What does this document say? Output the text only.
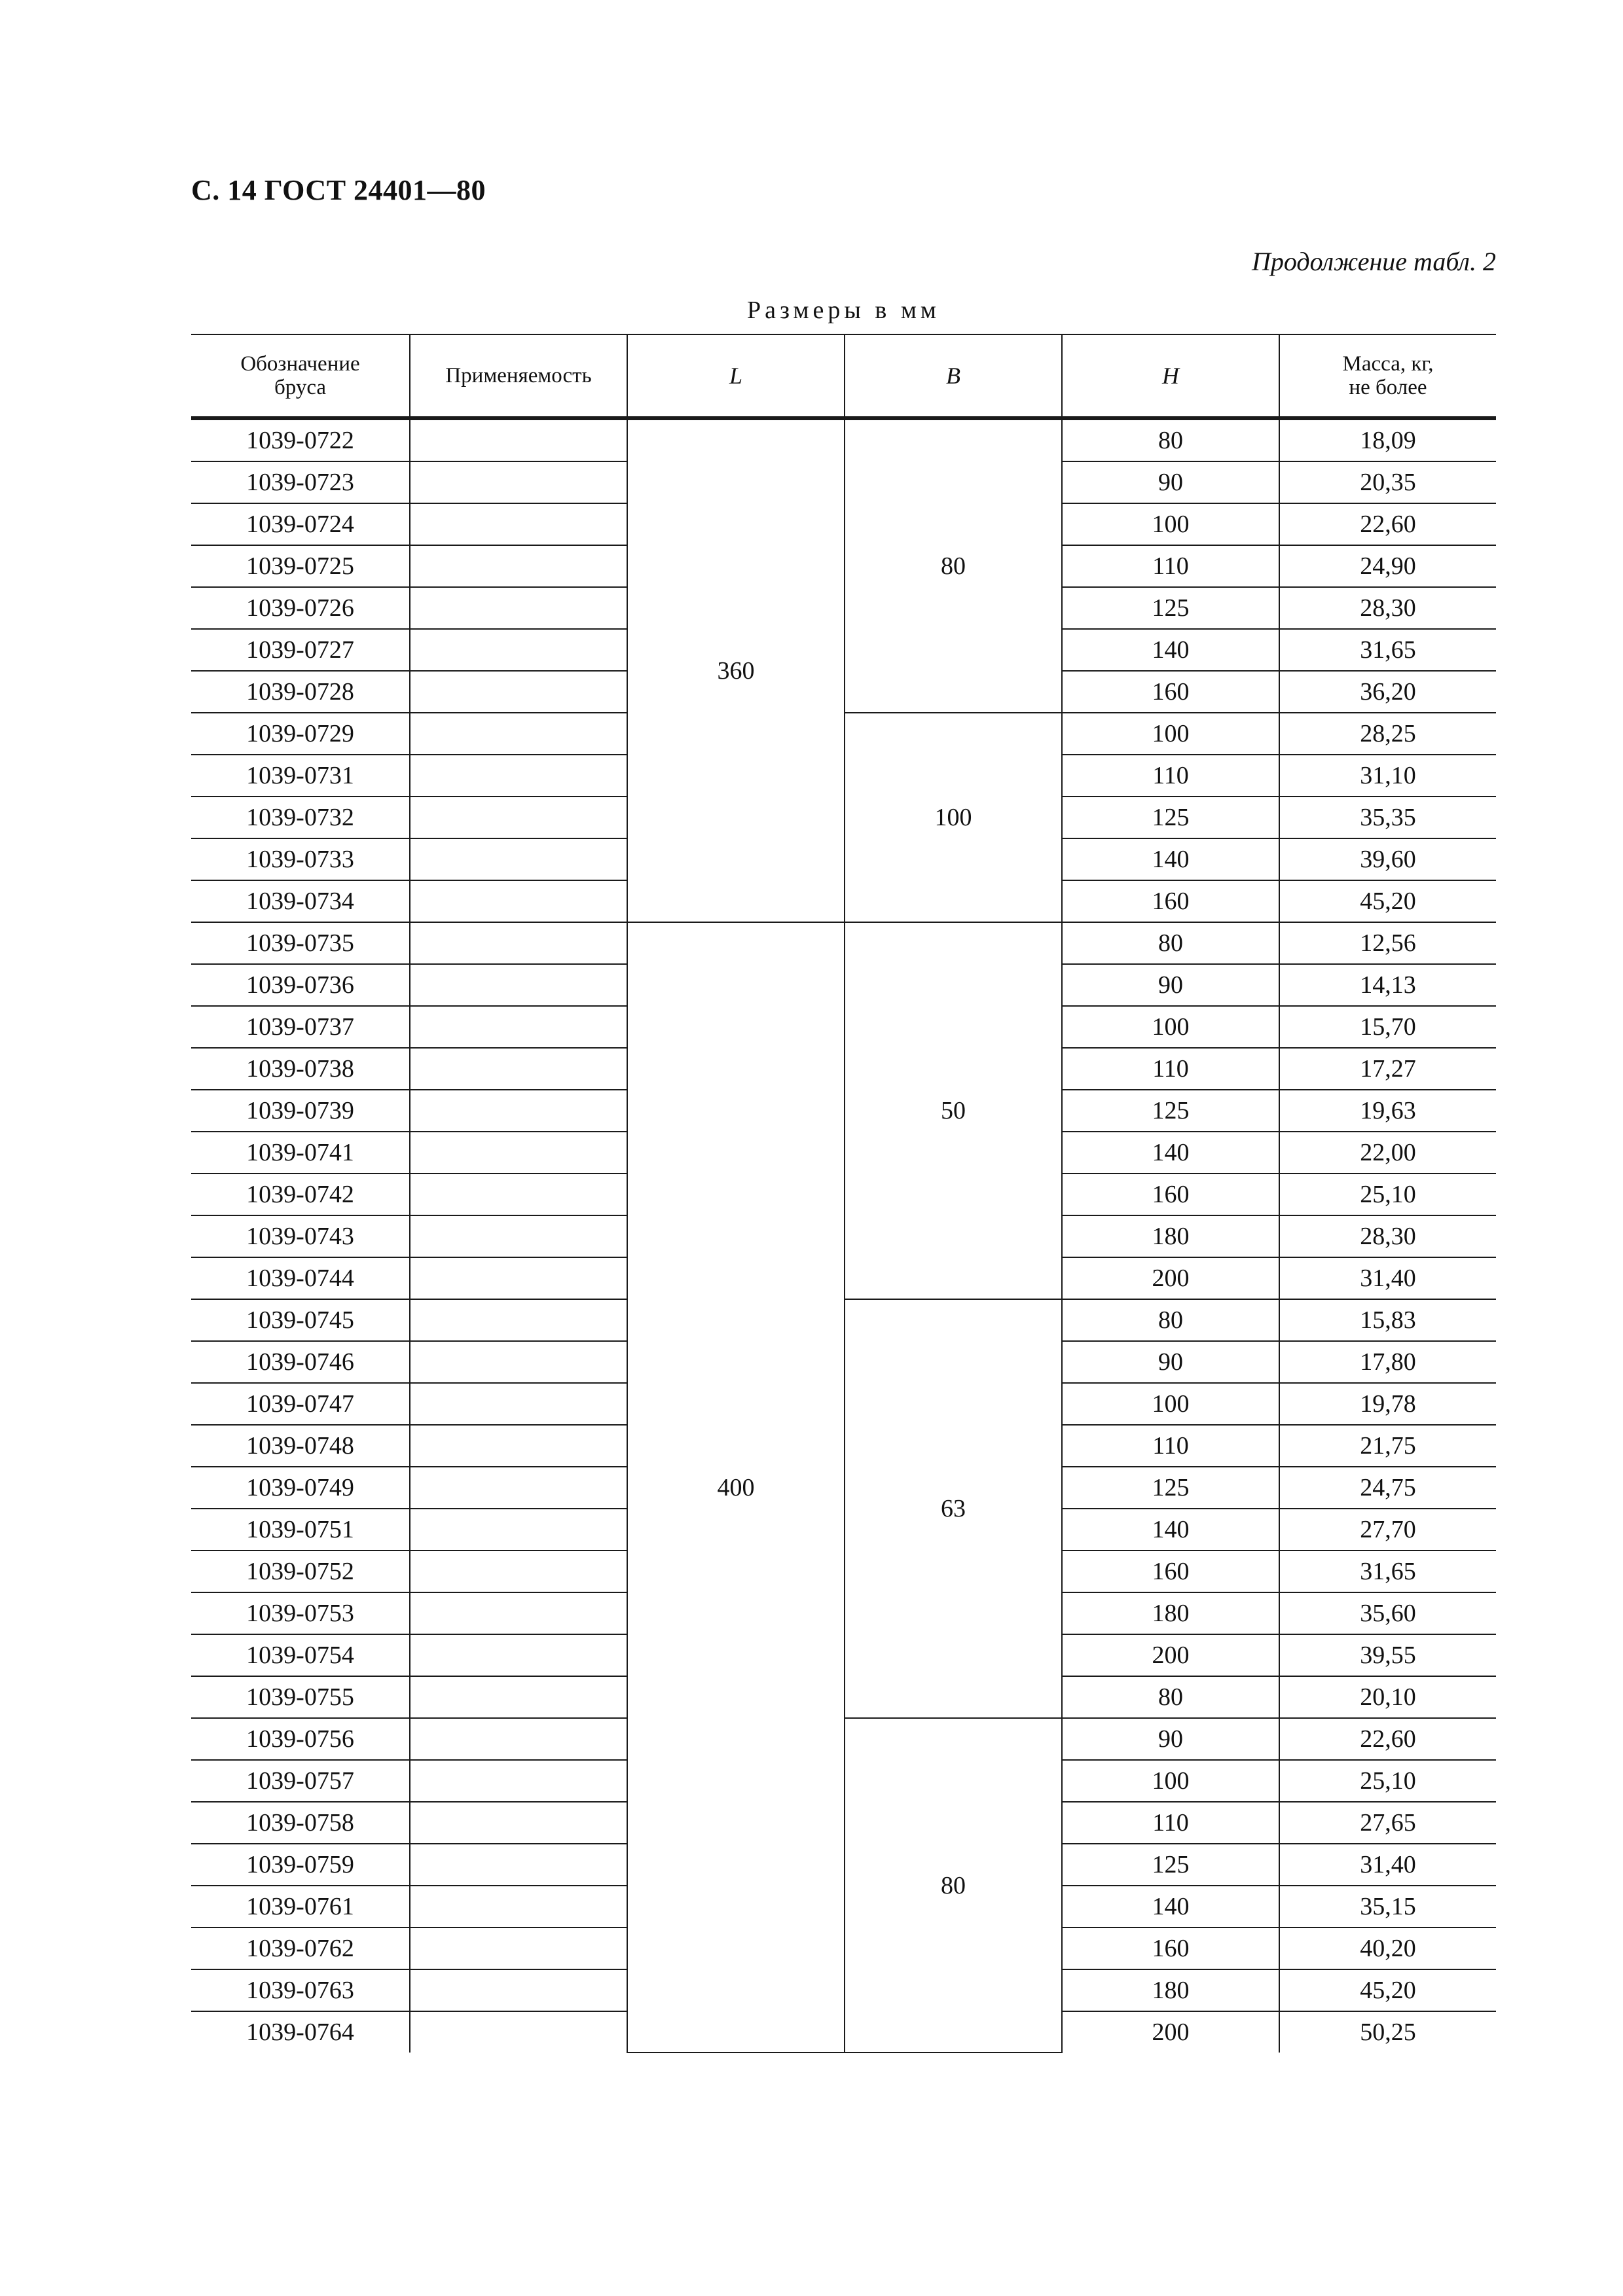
С. 14 ГОСТ 24401—80
Продолжение табл. 2
Размеры в мм
Обозначение
бруса	Применяемость	L	B	H	Масса, кг,
не более
1039-0722		360	80	80	18,09
1039-0723				90	20,35
1039-0724				100	22,60
1039-0725				110	24,90
1039-0726				125	28,30
1039-0727				140	31,65
1039-0728				160	36,20
1039-0729			100	100	28,25
1039-0731				110	31,10
1039-0732				125	35,35
1039-0733				140	39,60
1039-0734				160	45,20
1039-0735		400	50	80	12,56
1039-0736				90	14,13
1039-0737				100	15,70
1039-0738				110	17,27
1039-0739				125	19,63
1039-0741				140	22,00
1039-0742				160	25,10
1039-0743				180	28,30
1039-0744				200	31,40
1039-0745			63	80	15,83
1039-0746				90	17,80
1039-0747				100	19,78
1039-0748				110	21,75
1039-0749				125	24,75
1039-0751				140	27,70
1039-0752				160	31,65
1039-0753				180	35,60
1039-0754				200	39,55
1039-0755				80	20,10
1039-0756			80	90	22,60
1039-0757				100	25,10
1039-0758				110	27,65
1039-0759				125	31,40
1039-0761				140	35,15
1039-0762				160	40,20
1039-0763				180	45,20
1039-0764				200	50,25
